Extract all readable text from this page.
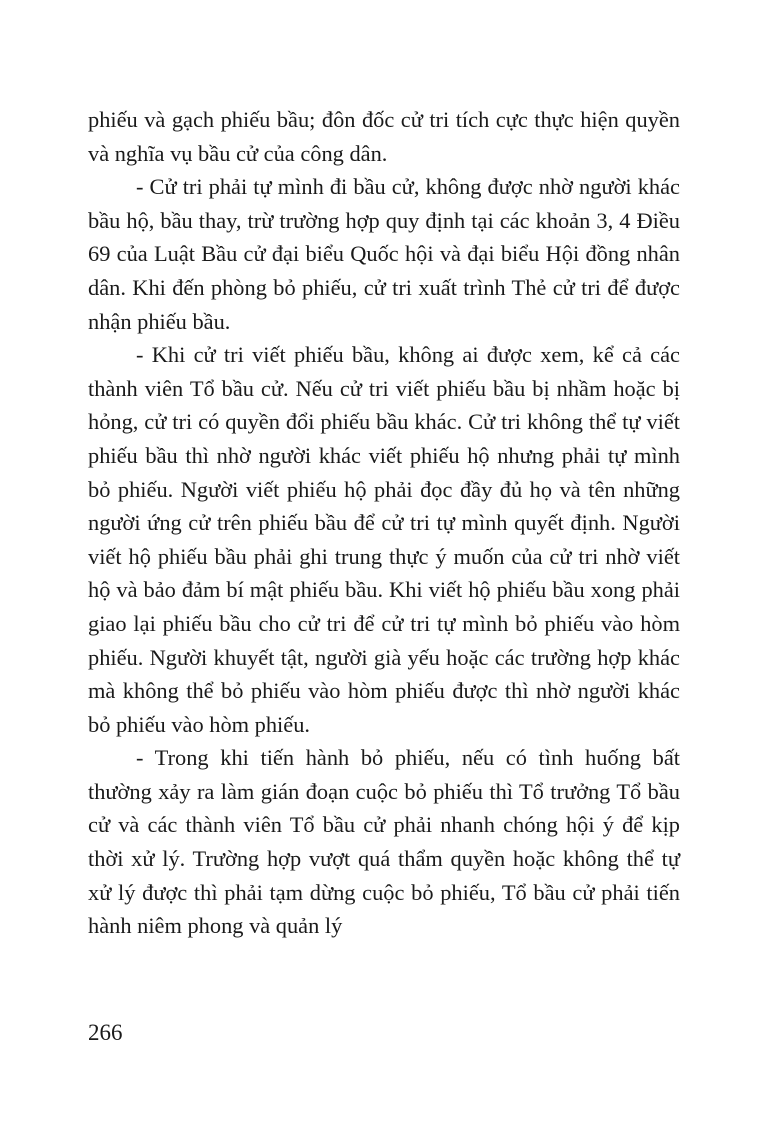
phiếu và gạch phiếu bầu; đôn đốc cử tri tích cực thực hiện quyền và nghĩa vụ bầu cử của công dân.

- Cử tri phải tự mình đi bầu cử, không được nhờ người khác bầu hộ, bầu thay, trừ trường hợp quy định tại các khoản 3, 4 Điều 69 của Luật Bầu cử đại biểu Quốc hội và đại biểu Hội đồng nhân dân. Khi đến phòng bỏ phiếu, cử tri xuất trình Thẻ cử tri để được nhận phiếu bầu.

- Khi cử tri viết phiếu bầu, không ai được xem, kể cả các thành viên Tổ bầu cử. Nếu cử tri viết phiếu bầu bị nhầm hoặc bị hỏng, cử tri có quyền đổi phiếu bầu khác. Cử tri không thể tự viết phiếu bầu thì nhờ người khác viết phiếu hộ nhưng phải tự mình bỏ phiếu. Người viết phiếu hộ phải đọc đầy đủ họ và tên những người ứng cử trên phiếu bầu để cử tri tự mình quyết định. Người viết hộ phiếu bầu phải ghi trung thực ý muốn của cử tri nhờ viết hộ và bảo đảm bí mật phiếu bầu. Khi viết hộ phiếu bầu xong phải giao lại phiếu bầu cho cử tri để cử tri tự mình bỏ phiếu vào hòm phiếu. Người khuyết tật, người già yếu hoặc các trường hợp khác mà không thể bỏ phiếu vào hòm phiếu được thì nhờ người khác bỏ phiếu vào hòm phiếu.

- Trong khi tiến hành bỏ phiếu, nếu có tình huống bất thường xảy ra làm gián đoạn cuộc bỏ phiếu thì Tổ trưởng Tổ bầu cử và các thành viên Tổ bầu cử phải nhanh chóng hội ý để kịp thời xử lý. Trường hợp vượt quá thẩm quyền hoặc không thể tự xử lý được thì phải tạm dừng cuộc bỏ phiếu, Tổ bầu cử phải tiến hành niêm phong và quản lý

266
